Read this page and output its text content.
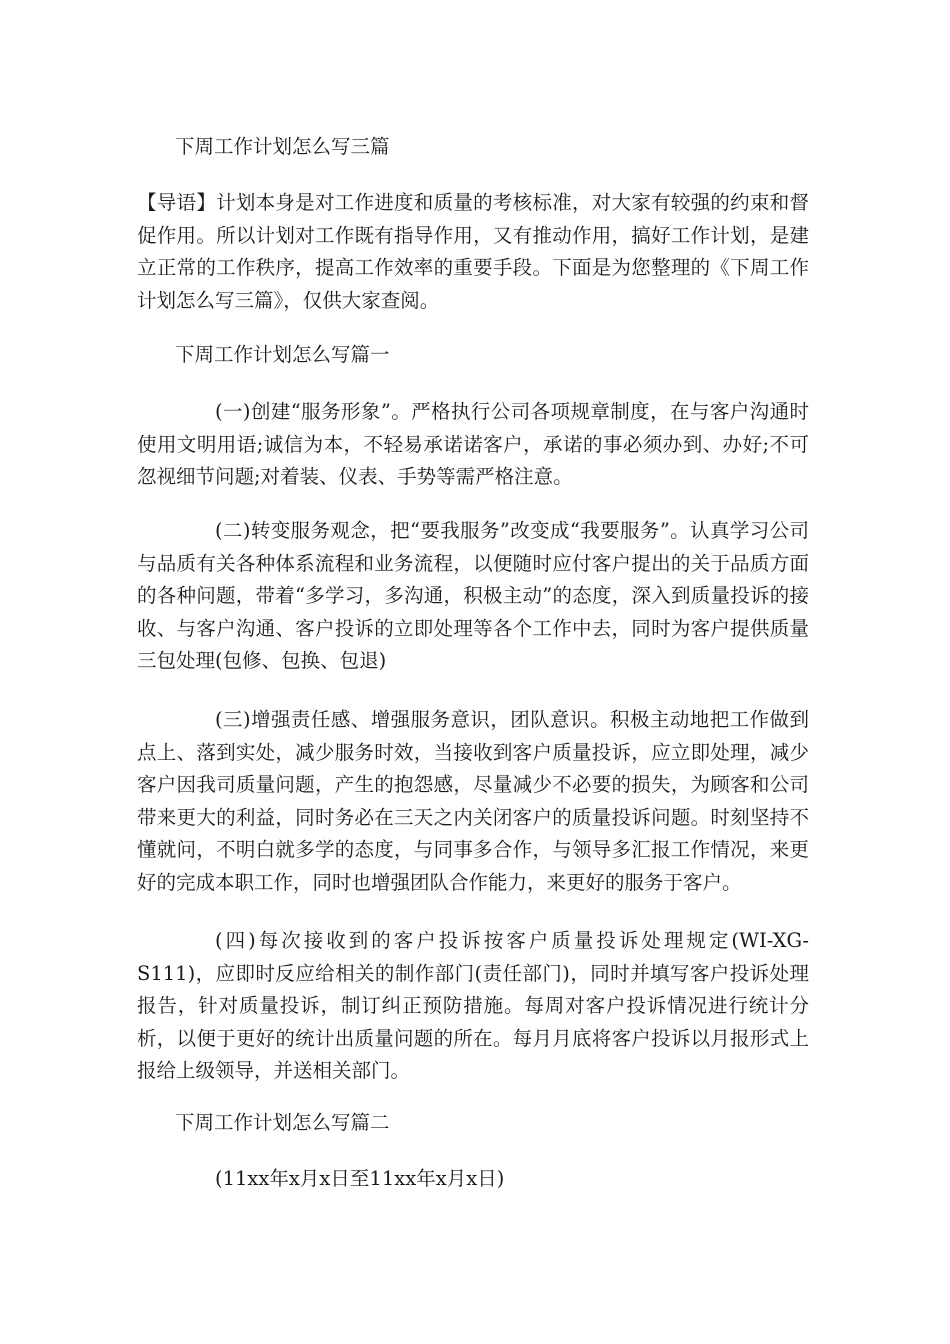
下周工作计划怎么写三篇

【导语】计划本身是对工作进度和质量的考核标准，对大家有较强的约束和督促作用。所以计划对工作既有指导作用，又有推动作用，搞好工作计划，是建立正常的工作秩序，提高工作效率的重要手段。下面是为您整理的《下周工作计划怎么写三篇》，仅供大家查阅。

下周工作计划怎么写篇一

(一)创建“服务形象”。严格执行公司各项规章制度，在与客户沟通时使用文明用语;诚信为本，不轻易承诺诺客户，承诺的事必须办到、办好;不可忽视细节问题;对着装、仪表、手势等需严格注意。

(二)转变服务观念，把“要我服务”改变成“我要服务”。认真学习公司与品质有关各种体系流程和业务流程，以便随时应付客户提出的关于品质方面的各种问题，带着“多学习，多沟通，积极主动”的态度，深入到质量投诉的接收、与客户沟通、客户投诉的立即处理等各个工作中去，同时为客户提供质量三包处理(包修、包换、包退)

(三)增强责任感、增强服务意识，团队意识。积极主动地把工作做到点上、落到实处，减少服务时效，当接收到客户质量投诉，应立即处理，减少客户因我司质量问题，产生的抱怨感，尽量减少不必要的损失，为顾客和公司带来更大的利益，同时务必在三天之内关闭客户的质量投诉问题。时刻坚持不懂就问，不明白就多学的态度，与同事多合作，与领导多汇报工作情况，来更好的完成本职工作，同时也增强团队合作能力，来更好的服务于客户。

(四)每次接收到的客户投诉按客户质量投诉处理规定(WI-XG-S111)，应即时反应给相关的制作部门(责任部门)，同时并填写客户投诉处理报告，针对质量投诉，制订纠正预防措施。每周对客户投诉情况进行统计分析，以便于更好的统计出质量问题的所在。每月月底将客户投诉以月报形式上报给上级领导，并送相关部门。

下周工作计划怎么写篇二

(11xx年x月x日至11xx年x月x日)
